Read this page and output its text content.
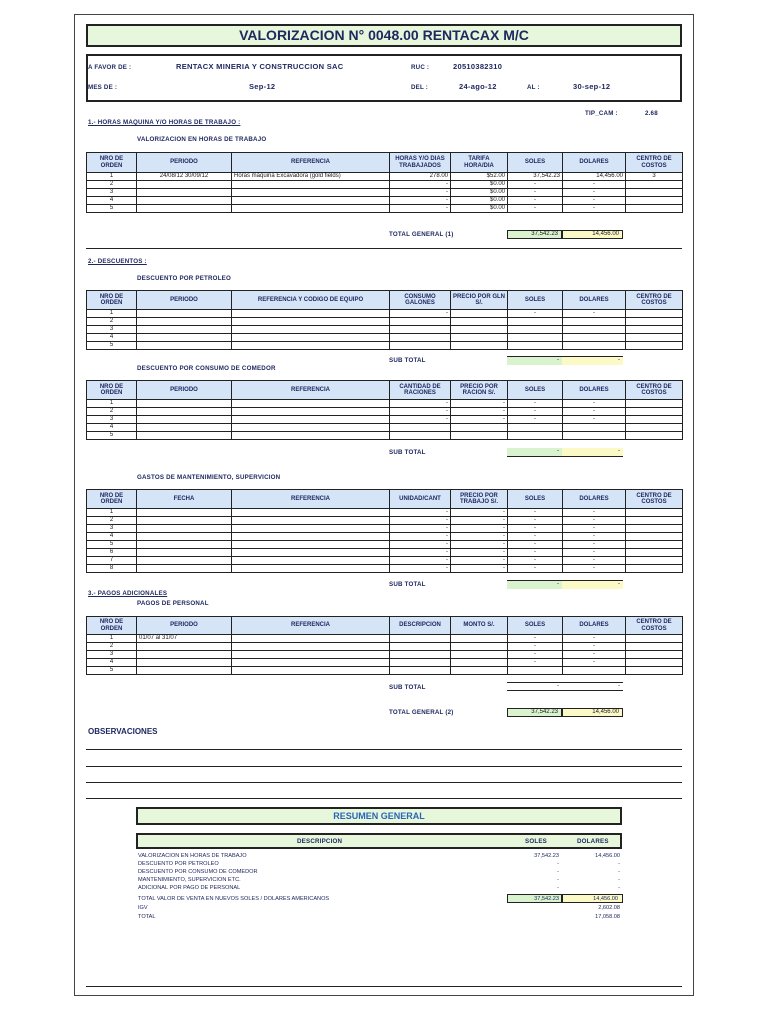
VALORIZACION N° 0048.00 RENTACAX M/C
A FAVOR DE :	RENTACX MINERIA Y CONSTRUCCION SAC	RUC :	20510382310
MES DE :	Sep-12	DEL :	24-ago-12	AL :	30-sep-12
TIP_CAM :	2.68
1.- HORAS MAQUINA Y/O HORAS DE TRABAJO :
VALORIZACION EN HORAS DE TRABAJO
NRO DE ORDEN	PERIODO	REFERENCIA	HORAS Y/O DIAS TRABAJADOS	TARIFA HORA/DIA	SOLES	DOLARES	CENTRO DE COSTOS
1	24/08/12 30/09/12	Horas máquina Excavadora (gold fields)	278.00	$52.00	37,542.23	14,456.00	3
2			-	$0.00	-	-	
3			-	$0.00	-	-	
4			-	$0.00	-	-	
5			-	$0.00	-	-	
TOTAL GENERAL (1)	37,542.23	14,456.00
2.- DESCUENTOS :
DESCUENTO POR PETROLEO
NRO DE ORDEN	PERIODO	REFERENCIA Y CODIGO DE EQUIPO	CONSUMO GALONES	PRECIO POR GLN S/.	SOLES	DOLARES	CENTRO DE COSTOS
1			-		-	-	
2							
3							
4							
5							
SUB TOTAL	-	-
DESCUENTO POR CONSUMO DE COMEDOR
NRO DE ORDEN	PERIODO	REFERENCIA	CANTIDAD DE RACIONES	PRECIO POR RACION S/.	SOLES	DOLARES	CENTRO DE COSTOS
1			-	-	-	-	
2			-	-	-	-	
3			-	-	-	-	
4							
5							
SUB TOTAL	-	-
GASTOS DE MANTENIMIENTO, SUPERVICION
NRO DE ORDEN	FECHA	REFERENCIA	UNIDAD/CANT	PRECIO POR TRABAJO S/.	SOLES	DOLARES	CENTRO DE COSTOS
1			-	-	-	-	
2			-	-	-	-	
3			-	-	-	-	
4			-	-	-	-	
5			-	-	-	-	
6			-	-	-	-	
7			-	-	-	-	
8			-	-	-	-	
SUB TOTAL	-	-
3.- PAGOS ADICIONALES
PAGOS DE PERSONAL
NRO DE ORDEN	PERIODO	REFERENCIA	DESCRIPCION	MONTO S/.	SOLES	DOLARES	CENTRO DE COSTOS
1	01/07 al 31/07				-	-	
2					-	-	
3					-	-	
4					-	-	
5							
SUB TOTAL	-	-
TOTAL GENERAL (2)	37,542.23	14,456.00
OBSERVACIONES
RESUMEN GENERAL
DESCRIPCION	SOLES	DOLARES
VALORIZACION EN HORAS DE TRABAJO	37,542.23	14,456.00
DESCUENTO POR PETROLEO	-	-
DESCUENTO POR CONSUMO DE COMEDOR	-	-
MANTENIMIENTO, SUPERVICION ETC.	-	-
ADICIONAL POR PAGO DE PERSONAL	-	-
TOTAL VALOR DE VENTA EN NUEVOS SOLES / DOLARES AMERICANOS	37,542.23	14,456.00
IGV	2,602.08
TOTAL	17,058.08
